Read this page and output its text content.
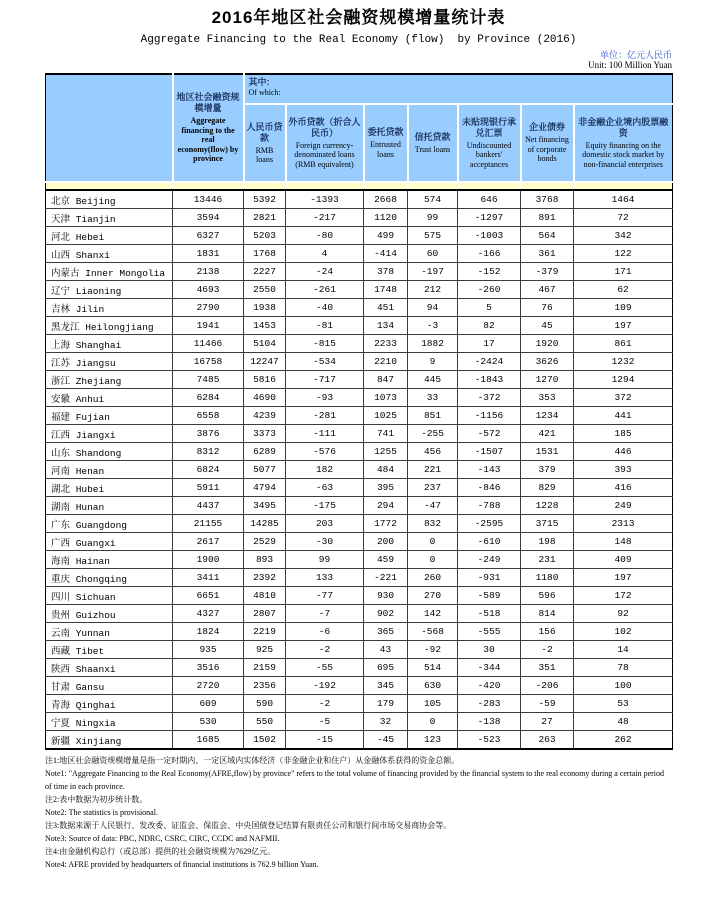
2016年地区社会融资规模增量统计表
Aggregate Financing to the Real Economy (flow)  by Province (2016)
单位：亿元人民币
Unit: 100 Million Yuan

	地区社会融资规模增量
Aggregate financing to the real economy(flow) by province	其中:
Of which:						

		人民币贷款
RMB loans	外币贷款（折合人民币）
Foreign currency-denominated loans (RMB equivalent)	委托贷款
Entrusted loans	信托贷款
Trust loans	未贴现银行承兑汇票
Undiscounted bankers' acceptances	企业债券
Net financing of corporate bonds	非金融企业境内股票融资
Equity financing on the domestic stock market by non-financial enterprises

北京 Beijing	13446	5392	-1393	2668	574	646	3768	1464
天津 Tianjin	3594	2821	-217	1120	99	-1297	891	72
河北 Hebei	6327	5203	-80	499	575	-1003	564	342
山西 Shanxi	1831	1768	4	-414	60	-166	361	122
内蒙古 Inner Mongolia	2138	2227	-24	378	-197	-152	-379	171
辽宁 Liaoning	4693	2550	-261	1748	212	-260	467	62
吉林 Jilin	2790	1938	-40	451	94	5	76	109
黑龙江 Heilongjiang	1941	1453	-81	134	-3	82	45	197
上海 Shanghai	11466	5104	-815	2233	1882	17	1920	861
江苏 Jiangsu	16758	12247	-534	2210	9	-2424	3626	1232
浙江 Zhejiang	7485	5816	-717	847	445	-1843	1270	1294
安徽 Anhui	6284	4690	-93	1073	33	-372	353	372
福建 Fujian	6558	4239	-281	1025	851	-1156	1234	441
江西 Jiangxi	3876	3373	-111	741	-255	-572	421	185
山东 Shandong	8312	6289	-576	1255	456	-1507	1531	446
河南 Henan	6824	5077	182	484	221	-143	379	393
湖北 Hubei	5911	4794	-63	395	237	-846	829	416
湖南 Hunan	4437	3495	-175	294	-47	-788	1228	249
广东 Guangdong	21155	14285	203	1772	832	-2595	3715	2313
广西 Guangxi	2617	2529	-30	200	0	-610	198	148
海南 Hainan	1900	893	99	459	0	-249	231	409
重庆 Chongqing	3411	2392	133	-221	260	-931	1180	197
四川 Sichuan	6651	4810	-77	930	270	-589	596	172
贵州 Guizhou	4327	2807	-7	902	142	-518	814	92
云南 Yunnan	1824	2219	-6	365	-568	-555	156	102
西藏 Tibet	935	925	-2	43	-92	30	-2	14
陕西 Shaanxi	3516	2159	-55	695	514	-344	351	78
甘肃 Gansu	2720	2356	-192	345	630	-420	-206	100
青海 Qinghai	609	590	-2	179	105	-283	-59	53
宁夏 Ningxia	530	550	-5	32	0	-138	27	48
新疆 Xinjiang	1685	1502	-15	-45	123	-523	263	262
注1:地区社会融资规模增量是指一定时期内、一定区域内实体经济（非金融企业和住户）从金融体系获得的资金总额。
Note1: "Aggregate Financing to the Real Economy(AFRE,flow) by province" refers to the total volume of financing provided by the financial system to the real economy during a certain period of time in each province.
注2:表中数据为初步统计数。
Note2: The statistics is provisional.
注3:数据来源于人民银行、发改委、证监会、保监会、中央国债登记结算有限责任公司和银行间市场交易商协会等。
Note3: Source of data: PBC, NDRC, CSRC, CIRC, CCDC and NAFMII.
注4:由金融机构总行（或总部）提供的社会融资规模为7629亿元。
Note4: AFRE provided by headquarters of financial institutions is 762.9 billion Yuan.
